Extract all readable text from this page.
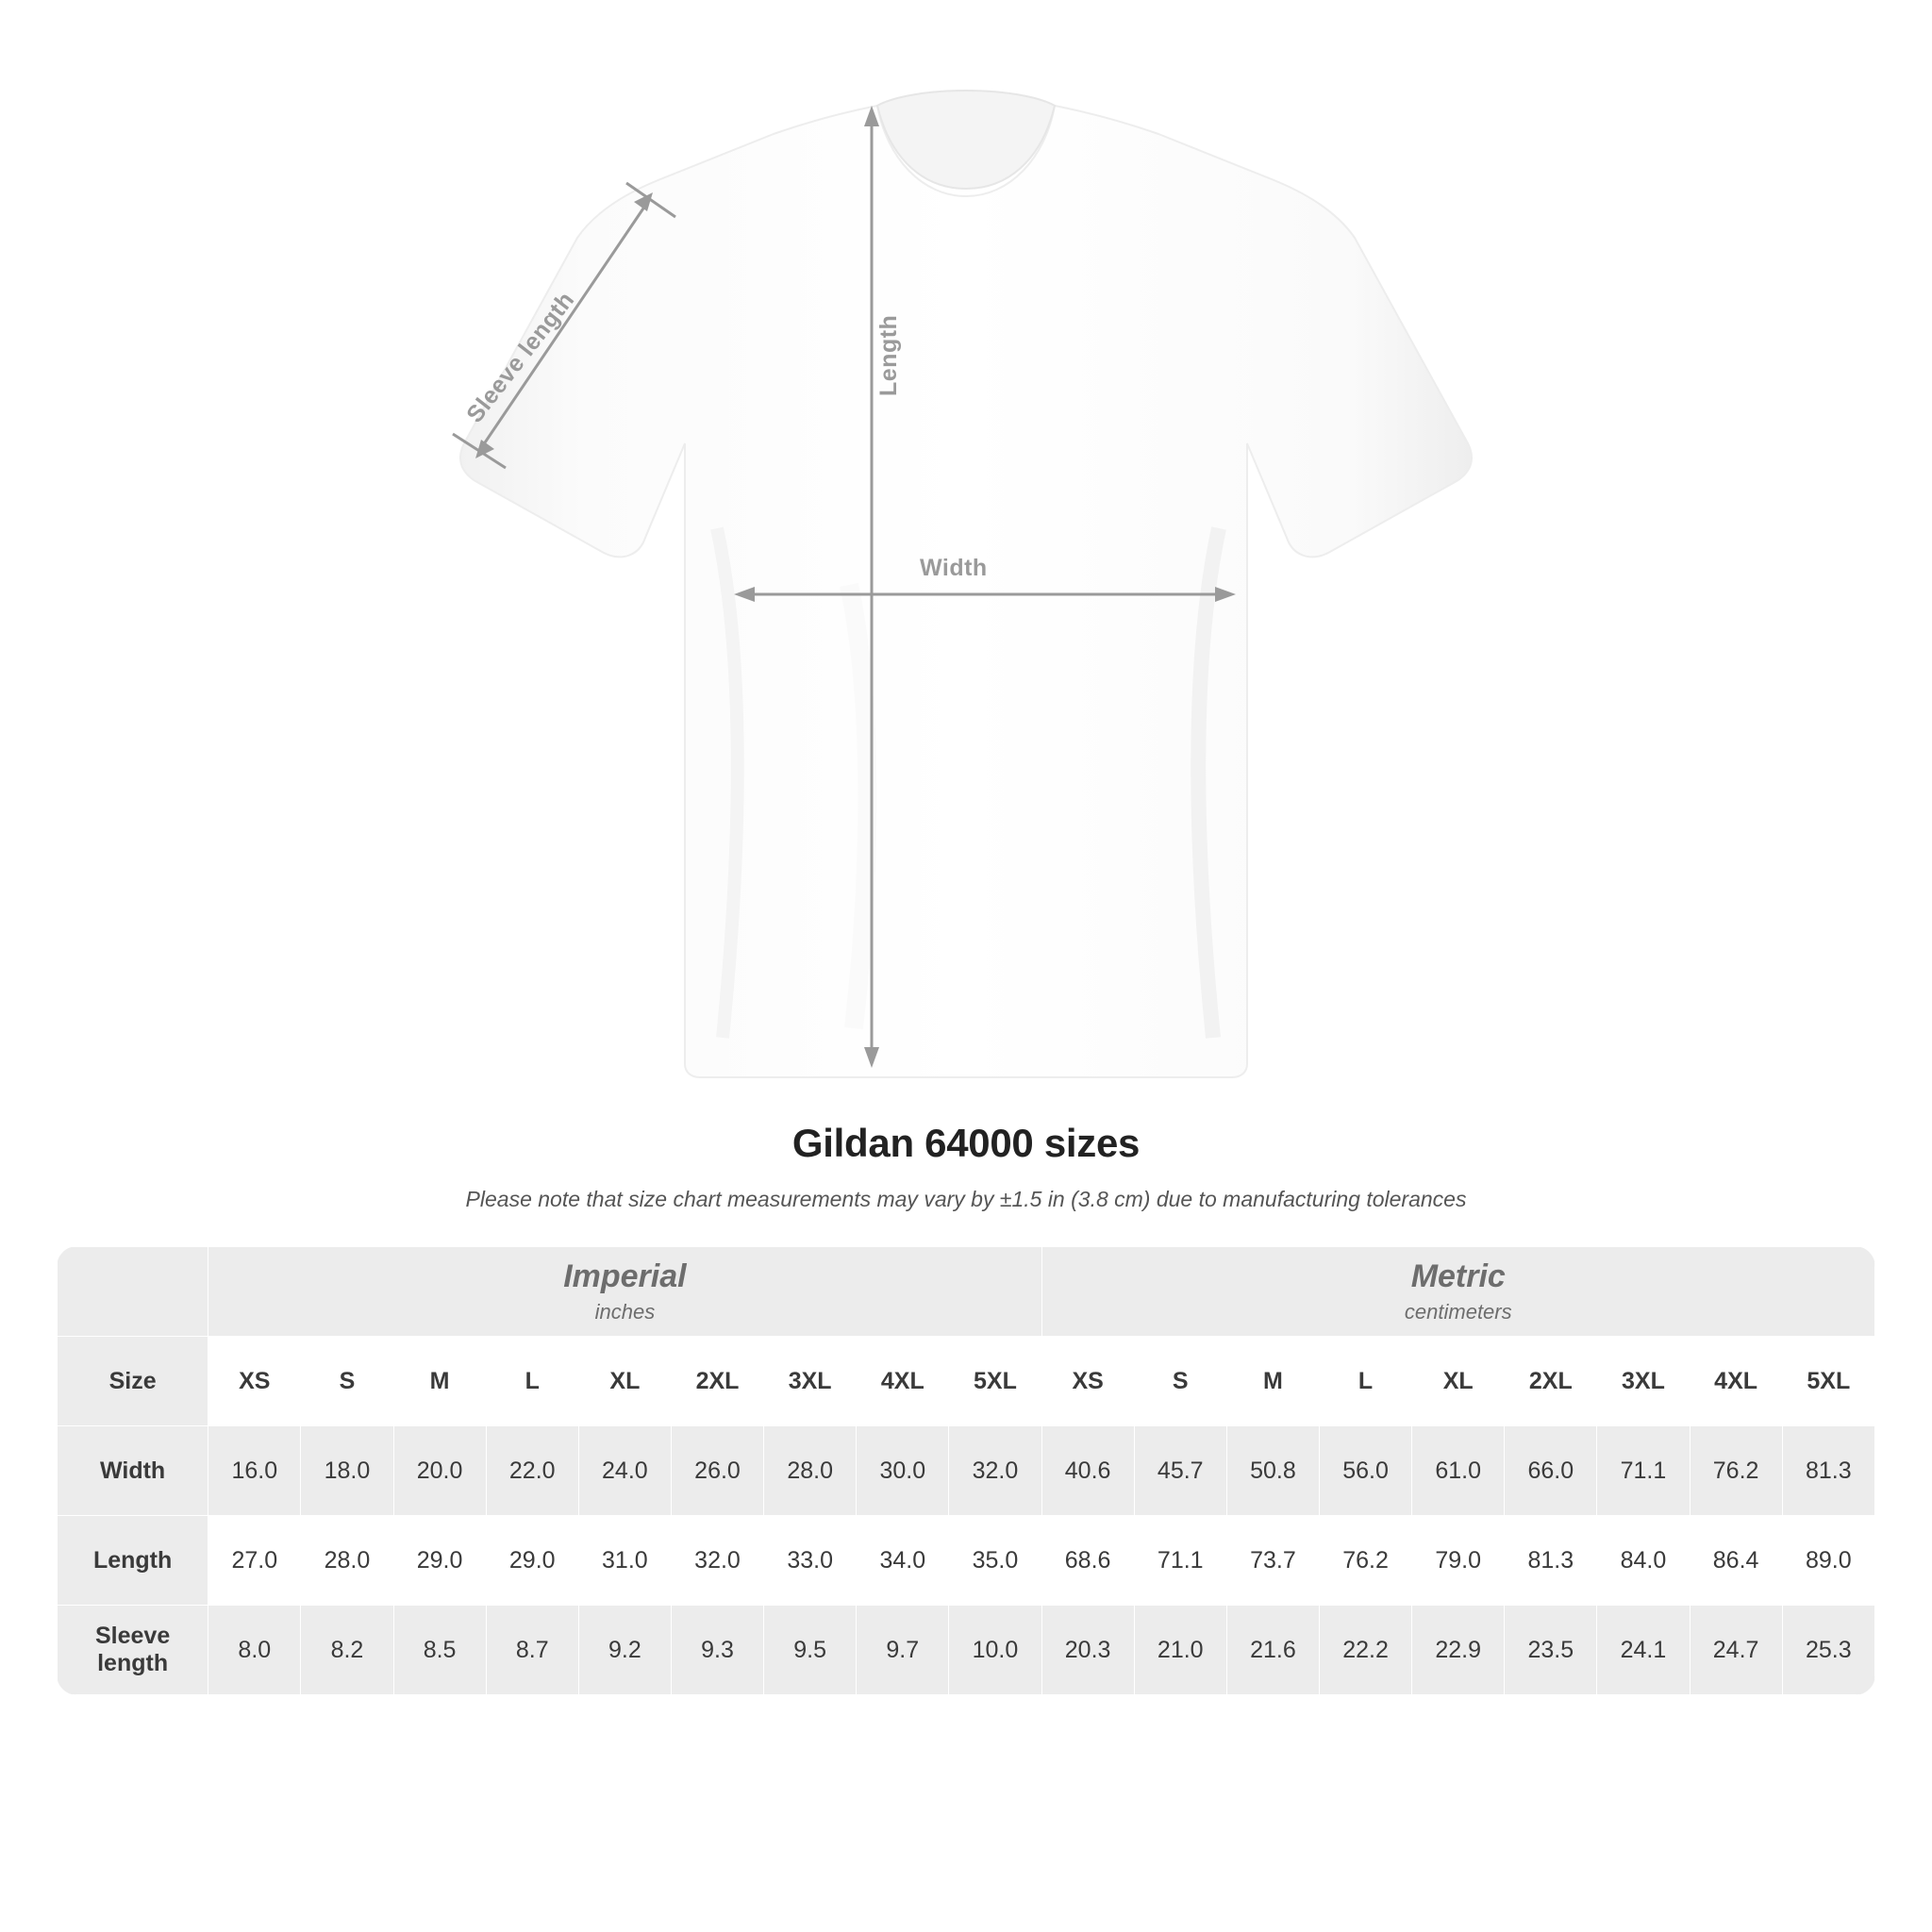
Length
Width
Sleeve length
Gildan 64000 sizes
Please note that size chart measurements may vary by ±1.5 in (3.8 cm) due to manufacturing tolerances

	Imperial
inches									Metric
centimeters								

Size	XS	S	M	L	XL	2XL	3XL	4XL	5XL	XS	S	M	L	XL	2XL	3XL	4XL	5XL
Width	16.0	18.0	20.0	22.0	24.0	26.0	28.0	30.0	32.0	40.6	45.7	50.8	56.0	61.0	66.0	71.1	76.2	81.3
Length	27.0	28.0	29.0	29.0	31.0	32.0	33.0	34.0	35.0	68.6	71.1	73.7	76.2	79.0	81.3	84.0	86.4	89.0
Sleeve length	8.0	8.2	8.5	8.7	9.2	9.3	9.5	9.7	10.0	20.3	21.0	21.6	22.2	22.9	23.5	24.1	24.7	25.3
